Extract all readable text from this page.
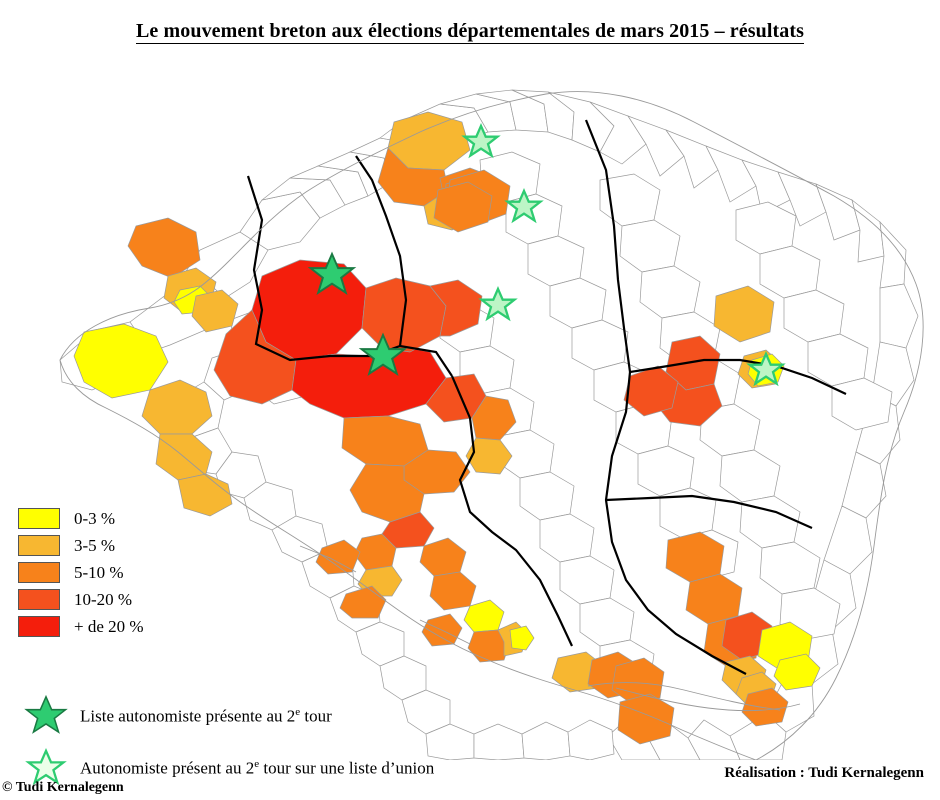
Le mouvement breton aux élections départementales de mars 2015 – résultats
0-3 %
3-5 %
5-10 %
10-20 %
+ de 20 %
Liste autonomiste présente au 2e tour
Autonomiste présent au 2e tour sur une liste d’union	Réalisation : Tudi Kernalegenn
© Tudi Kernalegenn
